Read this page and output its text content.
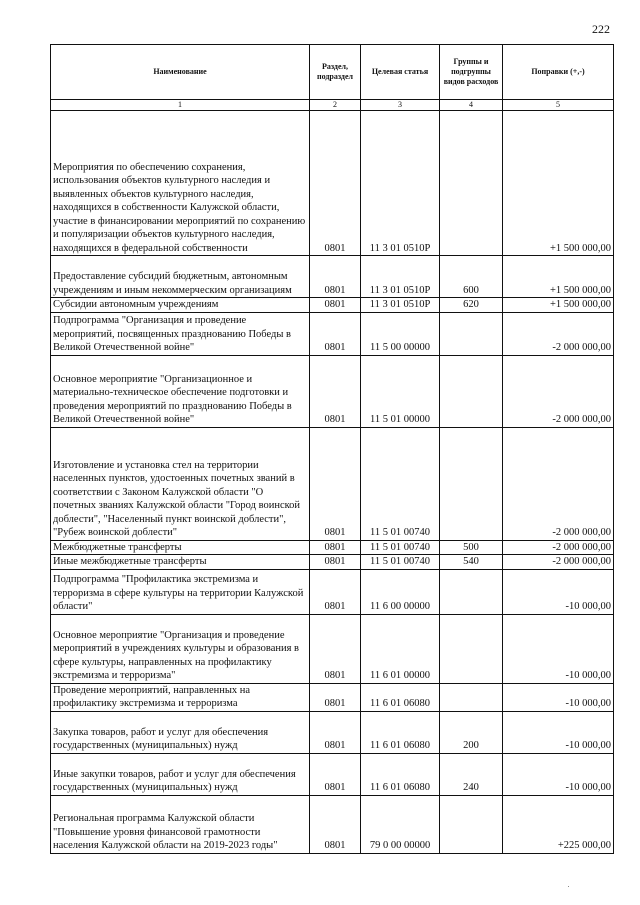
222
Наименование	Раздел, подраздел	Целевая статья	Группы и подгруппы видов расходов	Поправки (+,-)
1	2	3	4	5
Мероприятия по обеспечению сохранения, использования объектов культурного наследия и выявленных объектов культурного наследия, находящихся в собственности Калужской области, участие в финансировании мероприятий по сохранению и популяризации объектов культурного наследия, находящихся в федеральной собственности	0801	11 3 01 0510P		+1 500 000,00
Предоставление субсидий бюджетным, автономным учреждениям и иным некоммерческим организациям	0801	11 3 01 0510P	600	+1 500 000,00
Субсидии автономным учреждениям	0801	11 3 01 0510P	620	+1 500 000,00
Подпрограмма "Организация и проведение мероприятий, посвященных празднованию Победы в Великой Отечественной войне"	0801	11 5 00 00000		-2 000 000,00
Основное мероприятие "Организационное и материально-техническое обеспечение подготовки и проведения мероприятий по празднованию Победы в Великой Отечественной войне"	0801	11 5 01 00000		-2 000 000,00
Изготовление и установка стел на территории населенных пунктов, удостоенных почетных званий в соответствии с Законом Калужской области "О почетных званиях Калужской области "Город воинской доблести", "Населенный пункт воинской доблести", "Рубеж воинской доблести"	0801	11 5 01 00740		-2 000 000,00
Межбюджетные трансферты	0801	11 5 01 00740	500	-2 000 000,00
Иные межбюджетные трансферты	0801	11 5 01 00740	540	-2 000 000,00
Подпрограмма "Профилактика экстремизма и терроризма в сфере культуры на территории Калужской области"	0801	11 6 00 00000		-10 000,00
Основное мероприятие "Организация и проведение мероприятий в учреждениях культуры и образования в сфере культуры, направленных на профилактику экстремизма и терроризма"	0801	11 6 01 00000		-10 000,00
Проведение мероприятий, направленных на профилактику экстремизма и терроризма	0801	11 6 01 06080		-10 000,00
Закупка товаров, работ и услуг для обеспечения государственных (муниципальных) нужд	0801	11 6 01 06080	200	-10 000,00
Иные закупки товаров, работ и услуг для обеспечения государственных (муниципальных) нужд	0801	11 6 01 06080	240	-10 000,00
Региональная программа Калужской области "Повышение уровня финансовой грамотности населения Калужской области на 2019-2023 годы"	0801	79 0 00 00000		+225 000,00
